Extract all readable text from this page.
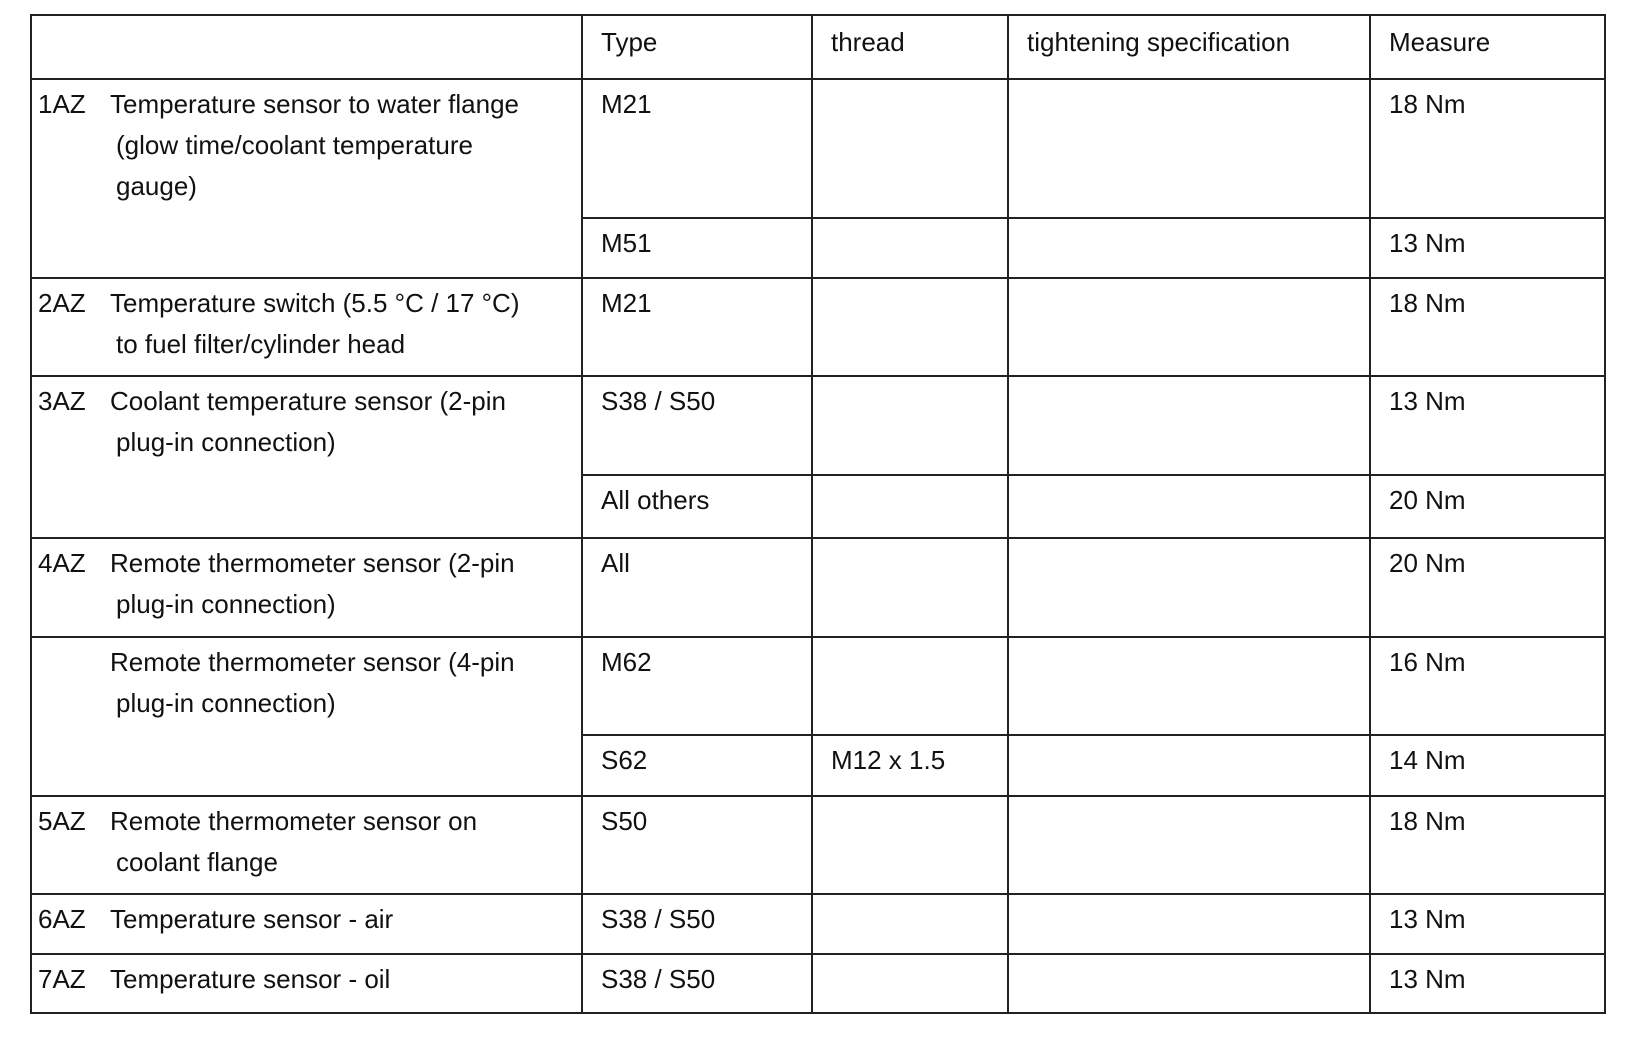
	Type	thread	tightening specification	Measure

1AZ Temperature sensor to water flange
(glow time/coolant temperature
gauge)	M21			18 Nm
	M51			13 Nm

2AZ Temperature switch (5.5 °C / 17 °C)
to fuel filter/cylinder head	M21			18 Nm

3AZ Coolant temperature sensor (2-pin
plug-in connection)	S38 / S50			13 Nm
	All others			20 Nm

4AZ Remote thermometer sensor (2-pin
plug-in connection)	All			20 Nm

Remote thermometer sensor (4-pin
plug-in connection)	M62			16 Nm
	S62	M12 x 1.5		14 Nm

5AZ Remote thermometer sensor on
coolant flange	S50			18 Nm

6AZ Temperature sensor - air	S38 / S50			13 Nm

7AZ Temperature sensor - oil	S38 / S50			13 Nm
